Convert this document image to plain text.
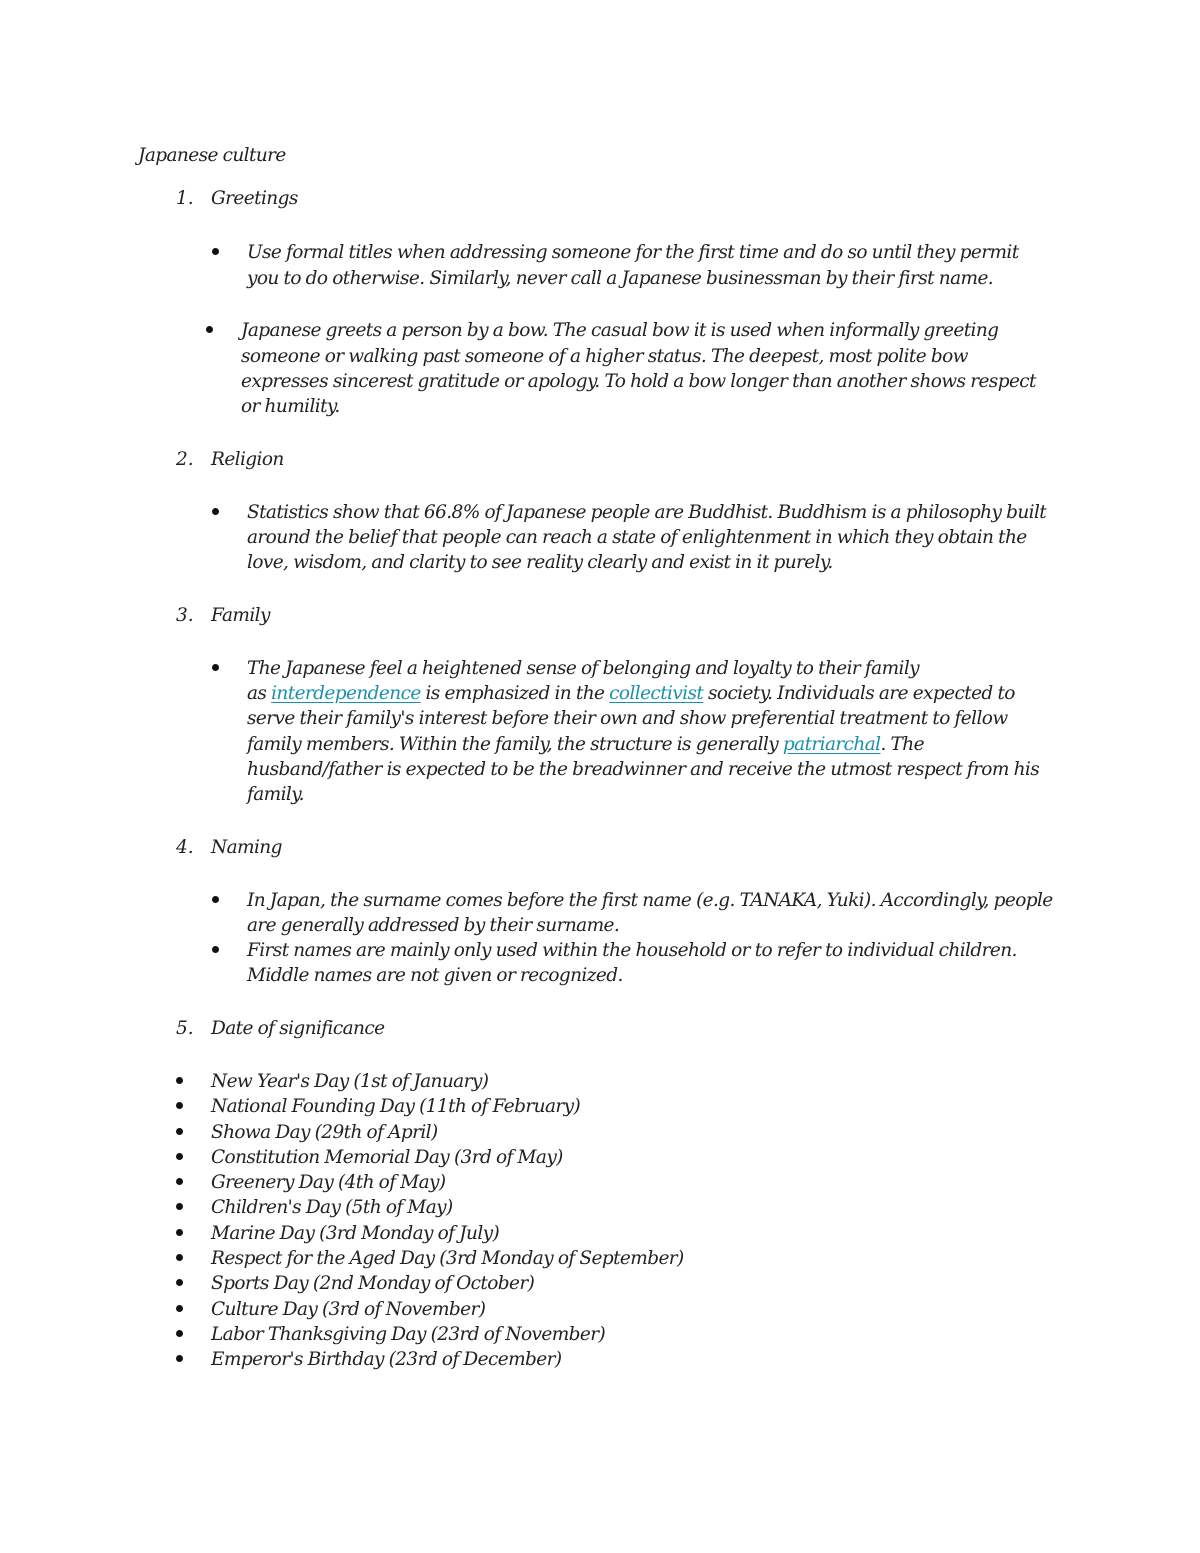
Japanese culture
1. Greetings
Use formal titles when addressing someone for the first time and do so until they permit
you to do otherwise. Similarly, never call a Japanese businessman by their first name.
Japanese greets a person by a bow. The casual bow it is used when informally greeting
someone or walking past someone of a higher status. The deepest, most polite bow
expresses sincerest gratitude or apology. To hold a bow longer than another shows respect
or humility.
2. Religion
Statistics show that 66.8% of Japanese people are Buddhist. Buddhism is a philosophy built
around the belief that people can reach a state of enlightenment in which they obtain the
love, wisdom, and clarity to see reality clearly and exist in it purely.
3. Family
The Japanese feel a heightened sense of belonging and loyalty to their family
as interdependence is emphasized in the collectivist society. Individuals are expected to
serve their family's interest before their own and show preferential treatment to fellow
family members. Within the family, the structure is generally patriarchal. The
husband/father is expected to be the breadwinner and receive the utmost respect from his
family.
4. Naming
In Japan, the surname comes before the first name (e.g. TANAKA, Yuki). Accordingly, people
are generally addressed by their surname.
First names are mainly only used within the household or to refer to individual children.
Middle names are not given or recognized.
5. Date of significance
New Year's Day (1st of January)
National Founding Day (11th of February)
Showa Day (29th of April)
Constitution Memorial Day (3rd of May)
Greenery Day (4th of May)
Children's Day (5th of May)
Marine Day (3rd Monday of July)
Respect for the Aged Day (3rd Monday of September)
Sports Day (2nd Monday of October)
Culture Day (3rd of November)
Labor Thanksgiving Day (23rd of November)
Emperor's Birthday (23rd of December)
